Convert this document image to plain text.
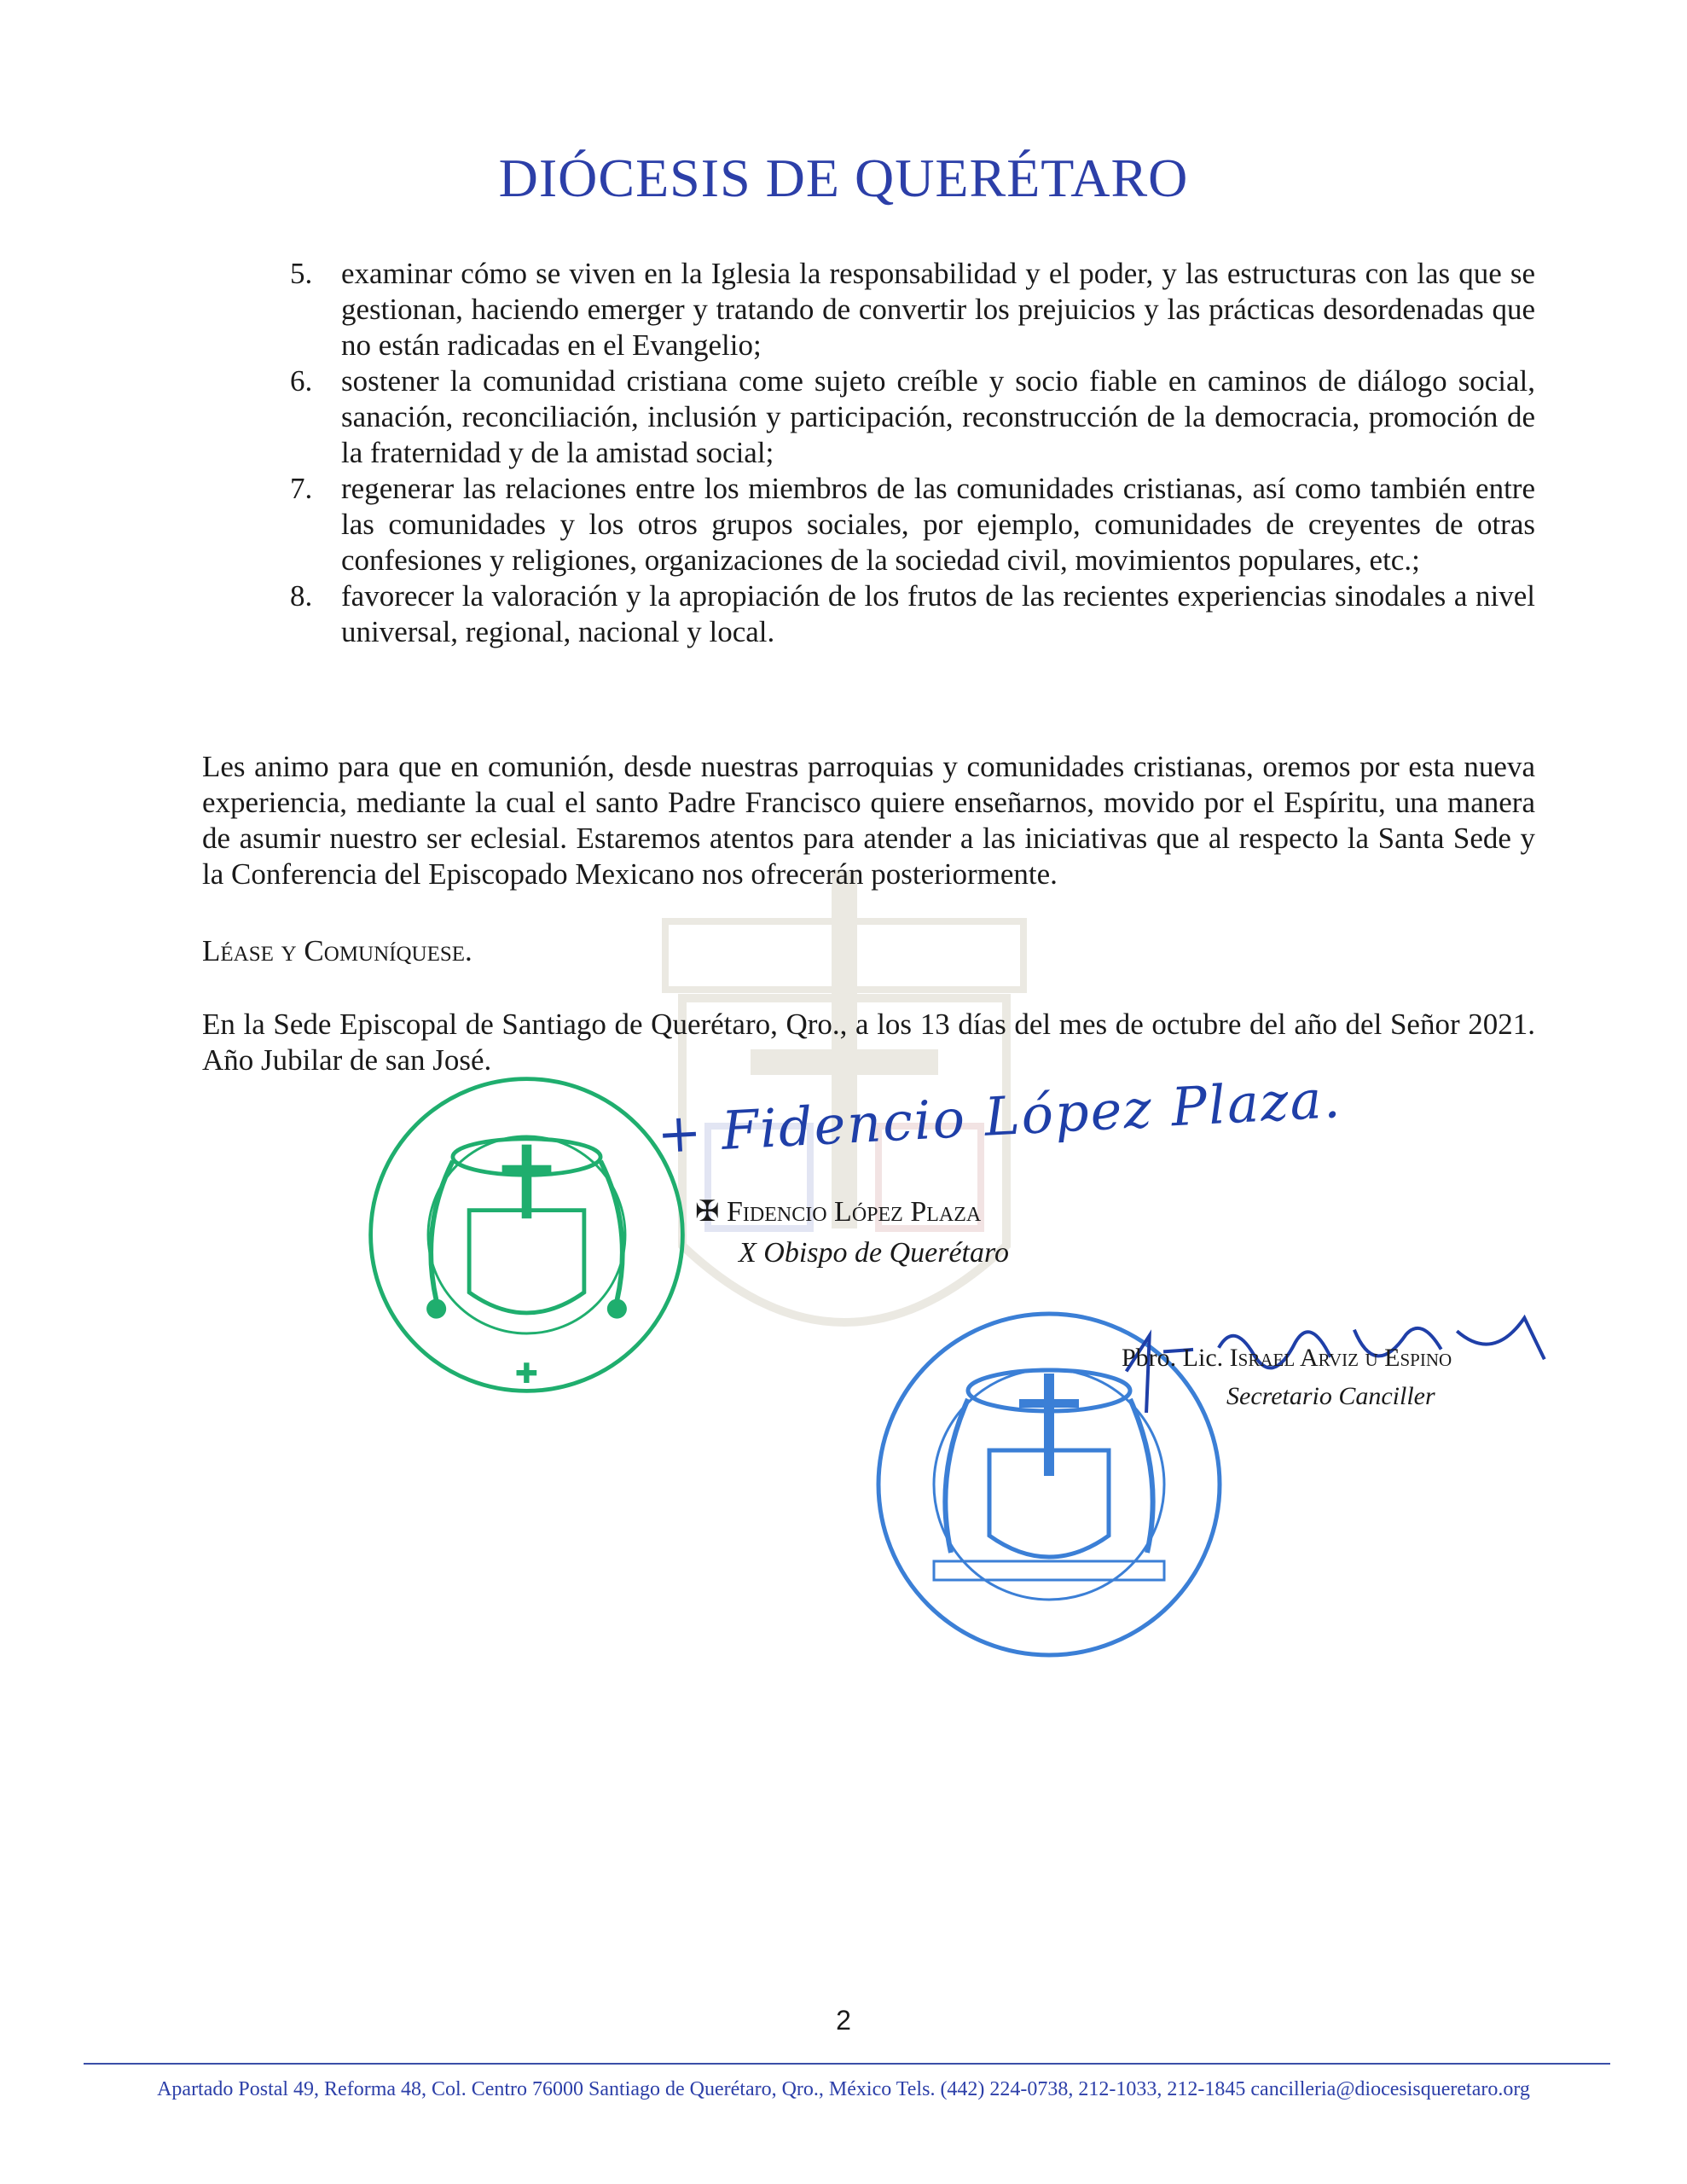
DIÓCESIS DE QUERÉTARO
5. examinar cómo se viven en la Iglesia la responsabilidad y el poder, y las estructuras con las que se gestionan, haciendo emerger y tratando de convertir los prejuicios y las prácticas desordenadas que no están radicadas en el Evangelio;
6. sostener la comunidad cristiana come sujeto creíble y socio fiable en caminos de diálogo social, sanación, reconciliación, inclusión y participación, reconstrucción de la democracia, promoción de la fraternidad y de la amistad social;
7. regenerar las relaciones entre los miembros de las comunidades cristianas, así como también entre las comunidades y los otros grupos sociales, por ejemplo, comunidades de creyentes de otras confesiones y religiones, organizaciones de la sociedad civil, movimientos populares, etc.;
8. favorecer la valoración y la apropiación de los frutos de las recientes experiencias sinodales a nivel universal, regional, nacional y local.

Les animo para que en comunión, desde nuestras parroquias y comunidades cristianas, oremos por esta nueva experiencia, mediante la cual el santo Padre Francisco quiere enseñarnos, movido por el Espíritu, una manera de asumir nuestro ser eclesial. Estaremos atentos para atender a las iniciativas que al respecto la Santa Sede y la Conferencia del Episcopado Mexicano nos ofrecerán posteriormente.

Léase y Comuníquese.

En la Sede Episcopal de Santiago de Querétaro, Qro., a los 13 días del mes de octubre del año del Señor 2021. Año Jubilar de san José.

✚
+ Fidencio López Plaza.
✠ Fidencio López Plaza
X Obispo de Querétaro
Pbro. Lic. Israel Arviz u Espino
Secretario Canciller
2
Apartado Postal 49, Reforma 48, Col. Centro 76000 Santiago de Querétaro, Qro., México Tels. (442) 224-0738, 212-1033, 212-1845 cancilleria@diocesisqueretaro.org
